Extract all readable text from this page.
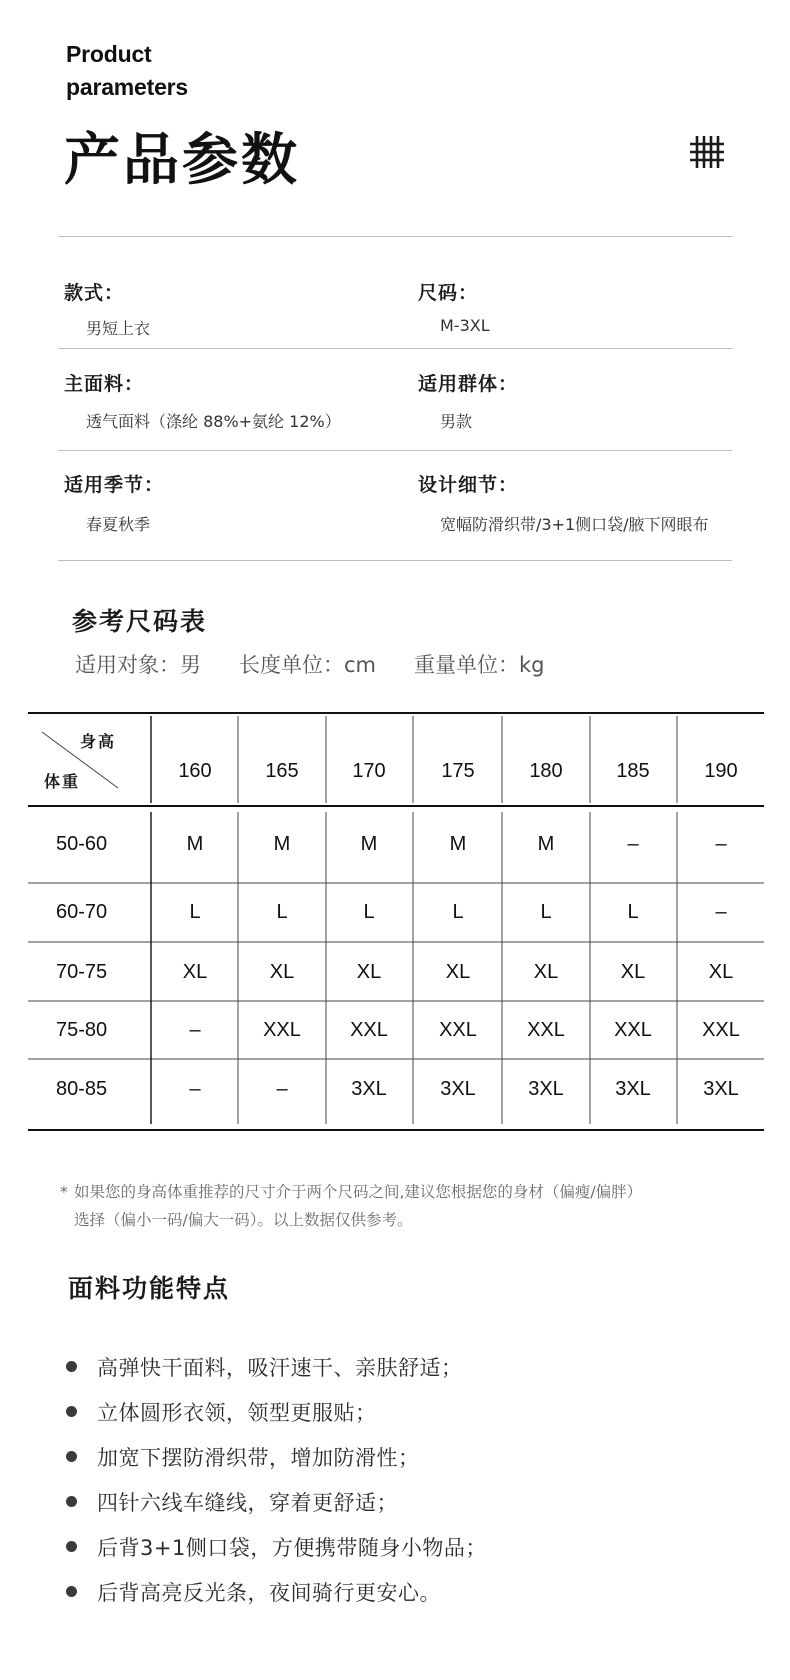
Product
parameters
产品参数
款式：
男短上衣
尺码：
M-3XL
主面料：
透气面料（涤纶 88%+氨纶 12%）
适用群体：
男款
适用季节：
春夏秋季
设计细节：
宽幅防滑织带/3+1侧口袋/腋下网眼布
参考尺码表
适用对象：男 长度单位：cm 重量单位：kg
身高
体重	160	165	170	175	180	185	190
50-60	M	M	M	M	M	–	–
60-70	L	L	L	L	L	L	–
70-75	XL	XL	XL	XL	XL	XL	XL
75-80	–	XXL	XXL	XXL	XXL	XXL	XXL
80-85	–	–	3XL	3XL	3XL	3XL	3XL
* 如果您的身高体重推荐的尺寸介于两个尺码之间,建议您根据您的身材（偏瘦/偏胖）
选择（偏小一码/偏大一码）。以上数据仅供参考。
面料功能特点
高弹快干面料，吸汗速干、亲肤舒适；
立体圆形衣领，领型更服贴；
加宽下摆防滑织带，增加防滑性；
四针六线车缝线，穿着更舒适；
后背3+1侧口袋，方便携带随身小物品；
后背高亮反光条，夜间骑行更安心。
